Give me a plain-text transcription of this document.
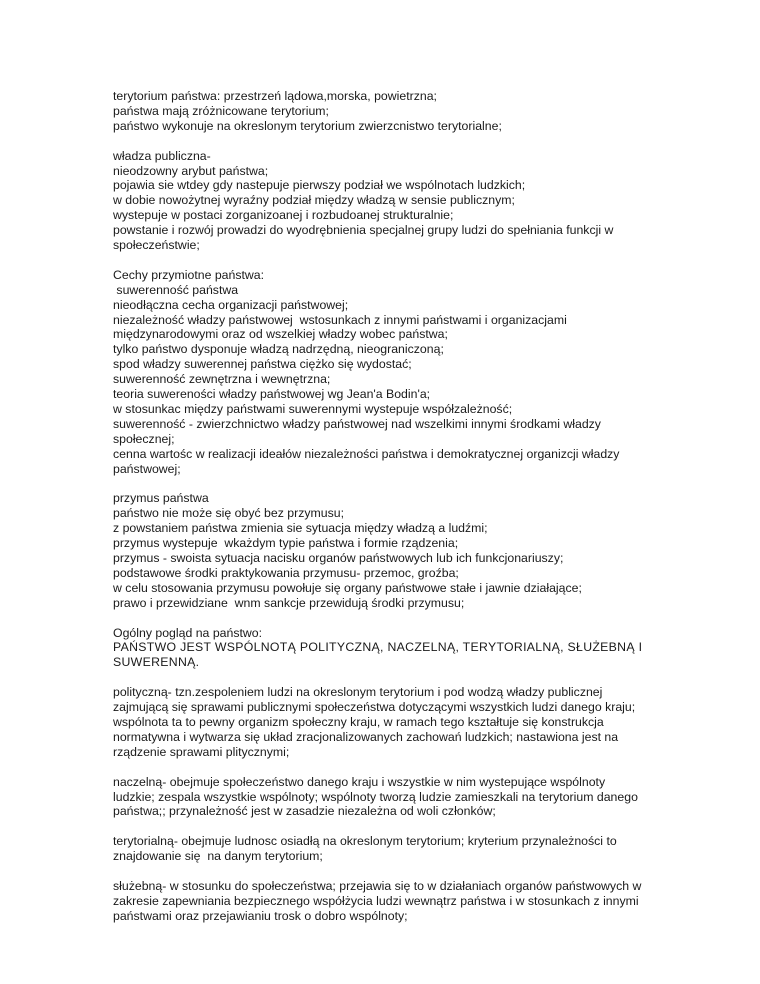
terytorium państwa: przestrzeń lądowa,morska, powietrzna;
państwa mają zróżnicowane terytorium;
państwo wykonuje na okreslonym terytorium zwierzcnistwo terytorialne;
władza publiczna-
nieodzowny arybut państwa;
pojawia sie wtdey gdy nastepuje pierwszy podział we wspólnotach ludzkich;
w dobie nowożytnej wyraźny podział między władzą w sensie publicznym;
wystepuje w postaci zorganizoanej i rozbudoanej strukturalnie;
powstanie i rozwój prowadzi do wyodrębnienia specjalnej grupy ludzi do spełniania funkcji w
społeczeństwie;
Cechy przymiotne państwa:
suwerenność państwa
nieodłączna cecha organizacji państwowej;
niezależność władzy państwowej  wstosunkach z innymi państwami i organizacjami
międzynarodowymi oraz od wszelkiej władzy wobec państwa;
tylko państwo dysponuje władzą nadrzędną, nieograniczoną;
spod władzy suwerennej państwa ciężko się wydostać;
suwerenność zewnętrzna i wewnętrzna;
teoria suwereności władzy państwowej wg Jean'a Bodin'a;
w stosunkac między państwami suwerennymi wystepuje współzależność;
suwerenność - zwierzchnictwo władzy państwowej nad wszelkimi innymi środkami władzy
społecznej;
cenna wartośc w realizacji ideałów niezależności państwa i demokratycznej organizcji władzy
państwowej;
przymus państwa
państwo nie może się obyć bez przymusu;
z powstaniem państwa zmienia sie sytuacja między władzą a ludźmi;
przymus wystepuje  wkażdym typie państwa i formie rządzenia;
przymus - swoista sytuacja nacisku organów państwowych lub ich funkcjonariuszy;
podstawowe środki praktykowania przymusu- przemoc, groźba;
w celu stosowania przymusu powołuje się organy państwowe stałe i jawnie działające;
prawo i przewidziane  wnm sankcje przewidują środki przymusu;
Ogólny pogląd na państwo:
PAŃSTWO JEST WSPÓLNOTĄ POLITYCZNĄ, NACZELNĄ, TERYTORIALNĄ, SŁUŻEBNĄ I
SUWERENNĄ.
polityczną- tzn.zespoleniem ludzi na okreslonym terytorium i pod wodzą władzy publicznej
zajmującą się sprawami publicznymi społeczeństwa dotyczącymi wszystkich ludzi danego kraju;
wspólnota ta to pewny organizm społeczny kraju, w ramach tego kształtuje się konstrukcja
normatywna i wytwarza się układ zracjonalizowanych zachowań ludzkich; nastawiona jest na
rządzenie sprawami plitycznymi;
naczelną- obejmuje społeczeństwo danego kraju i wszystkie w nim wystepujące wspólnoty
ludzkie; zespala wszystkie wspólnoty; wspólnoty tworzą ludzie zamieszkali na terytorium danego
państwa;; przynależność jest w zasadzie niezależna od woli członków;
terytorialną- obejmuje ludnosc osiadłą na okreslonym terytorium; kryterium przynależności to
znajdowanie się  na danym terytorium;
służebną- w stosunku do społeczeństwa; przejawia się to w działaniach organów państwowych w
zakresie zapewniania bezpiecznego współżycia ludzi wewnątrz państwa i w stosunkach z innymi
państwami oraz przejawianiu trosk o dobro wspólnoty;
